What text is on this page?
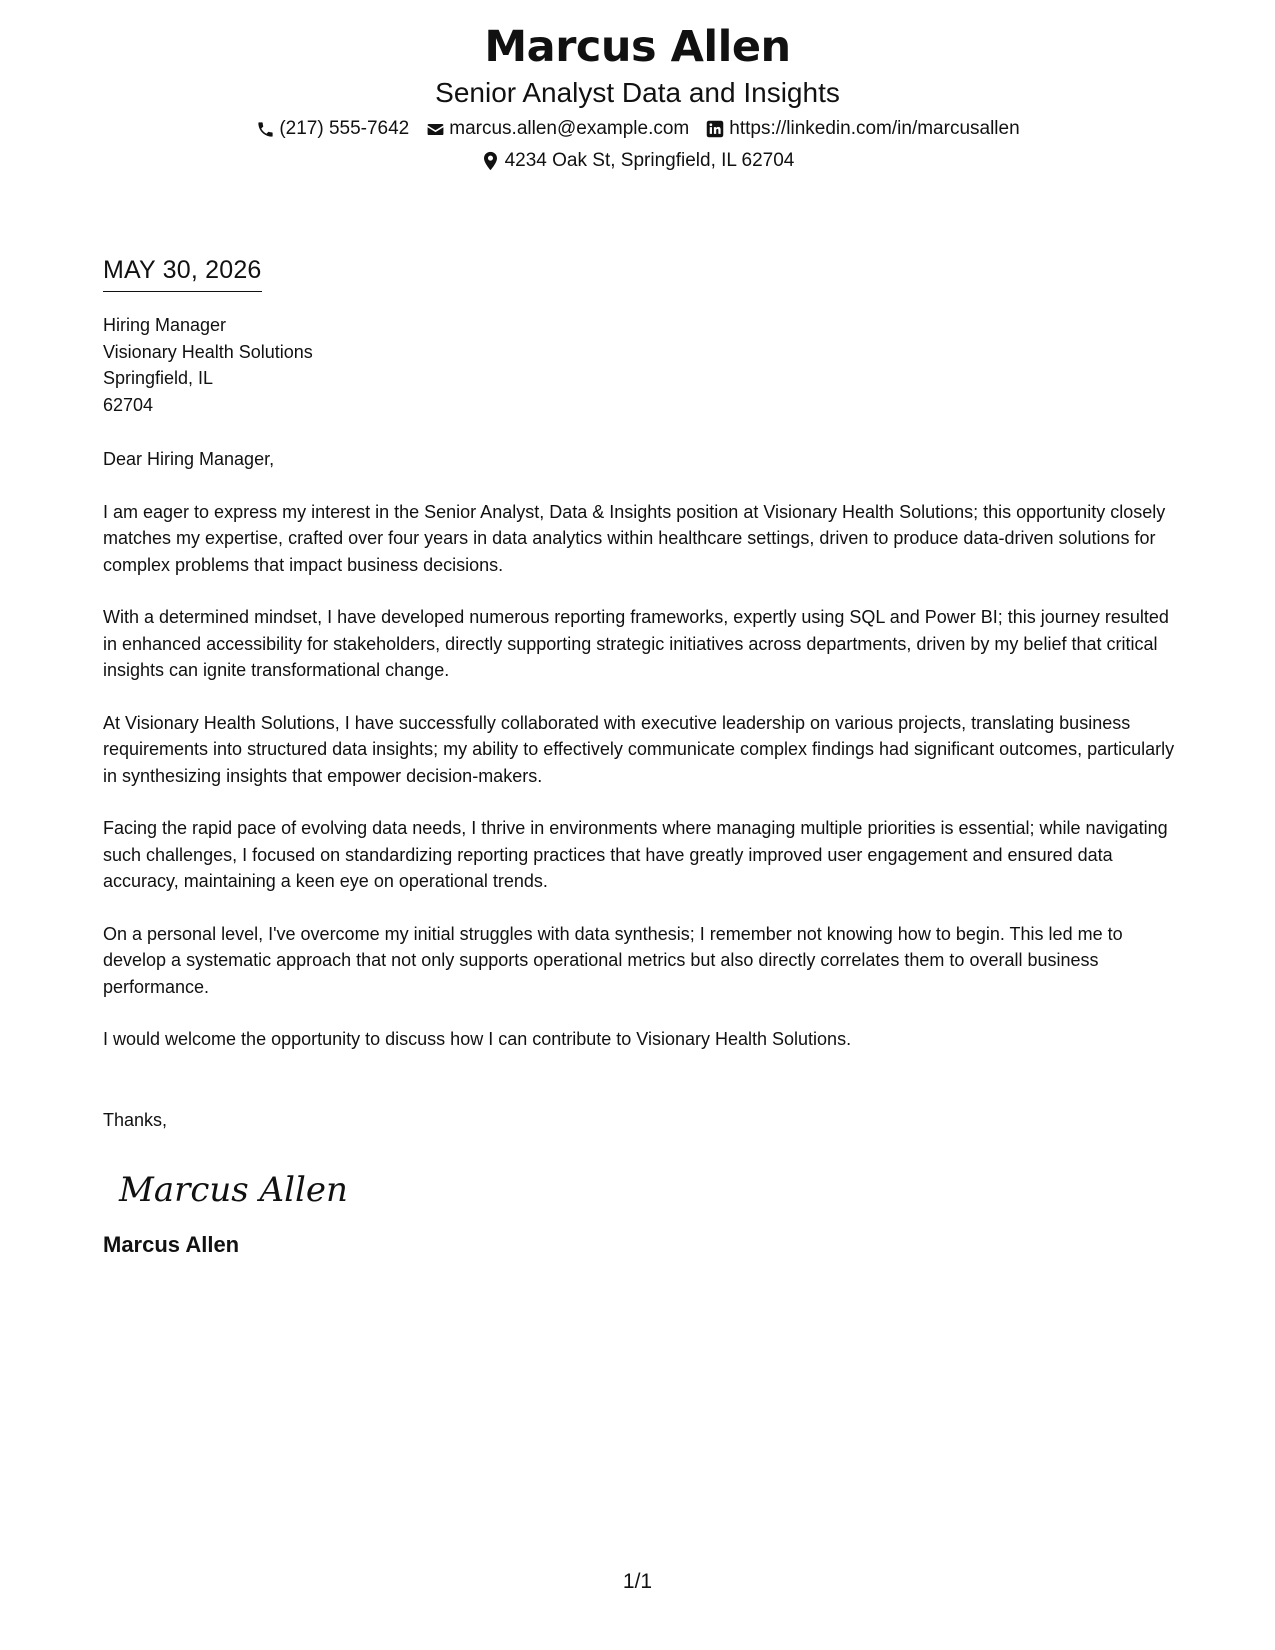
Marcus Allen
Senior Analyst Data and Insights
(217) 555-7642 marcus.allen@example.com https://linkedin.com/in/marcusallen
4234 Oak St, Springfield, IL 62704
MAY 30, 2026
Hiring Manager
Visionary Health Solutions
Springfield, IL
62704
Dear Hiring Manager,
I am eager to express my interest in the Senior Analyst, Data & Insights position at Visionary Health Solutions; this opportunity closely matches my expertise, crafted over four years in data analytics within healthcare settings, driven to produce data-driven solutions for complex problems that impact business decisions.
With a determined mindset, I have developed numerous reporting frameworks, expertly using SQL and Power BI; this journey resulted in enhanced accessibility for stakeholders, directly supporting strategic initiatives across departments, driven by my belief that critical insights can ignite transformational change.
At Visionary Health Solutions, I have successfully collaborated with executive leadership on various projects, translating business requirements into structured data insights; my ability to effectively communicate complex findings had significant outcomes, particularly in synthesizing insights that empower decision-makers.
Facing the rapid pace of evolving data needs, I thrive in environments where managing multiple priorities is essential; while navigating such challenges, I focused on standardizing reporting practices that have greatly improved user engagement and ensured data accuracy, maintaining a keen eye on operational trends.
On a personal level, I've overcome my initial struggles with data synthesis; I remember not knowing how to begin. This led me to develop a systematic approach that not only supports operational metrics but also directly correlates them to overall business performance.
I would welcome the opportunity to discuss how I can contribute to Visionary Health Solutions.
Thanks,
Marcus Allen
Marcus Allen
1/1
